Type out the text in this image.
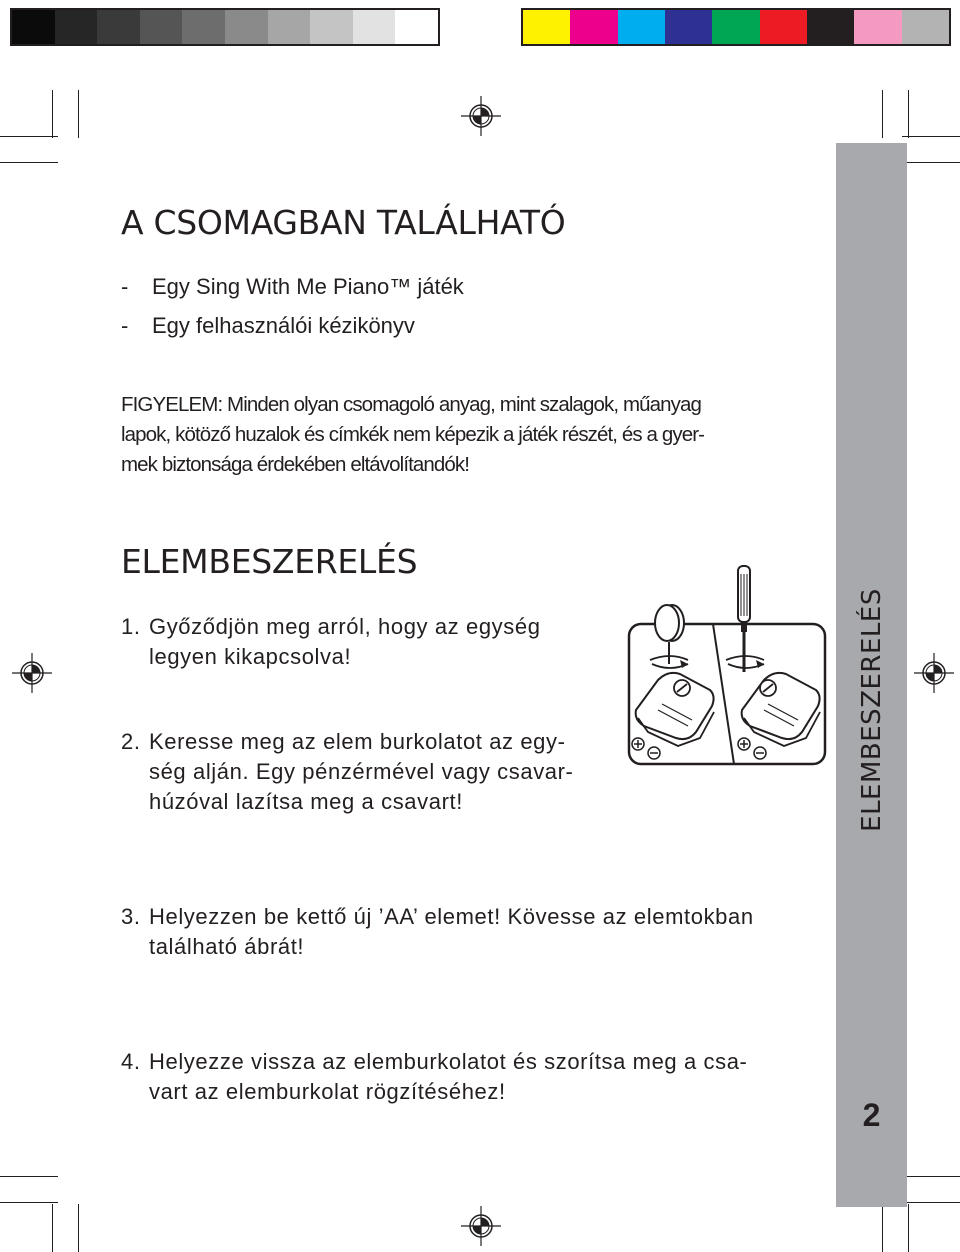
ELEMBESZERELÉS
2
A CSOMAGBAN TALÁLHATÓ
- Egy Sing With Me Piano™ játék
- Egy felhasználói kézikönyv
FIGYELEM: Minden olyan csomagoló anyag, mint szalagok, műanyag
lapok, kötöző huzalok és címkék nem képezik a játék részét, és a gyer-
mek biztonsága érdekében eltávolítandók!
ELEMBESZERELÉS
1. Győződjön meg arról, hogy az egység
legyen kikapcsolva!
2. Keresse meg az elem burkolatot az egy-
ség alján. Egy pénzérmével vagy csavar-
húzóval lazítsa meg a csavart!
3. Helyezzen be kettő új ’AA’ elemet! Kövesse az elemtokban
található ábrát!
4. Helyezze vissza az elemburkolatot és szorítsa meg a csa-
vart az elemburkolat rögzítéséhez!
